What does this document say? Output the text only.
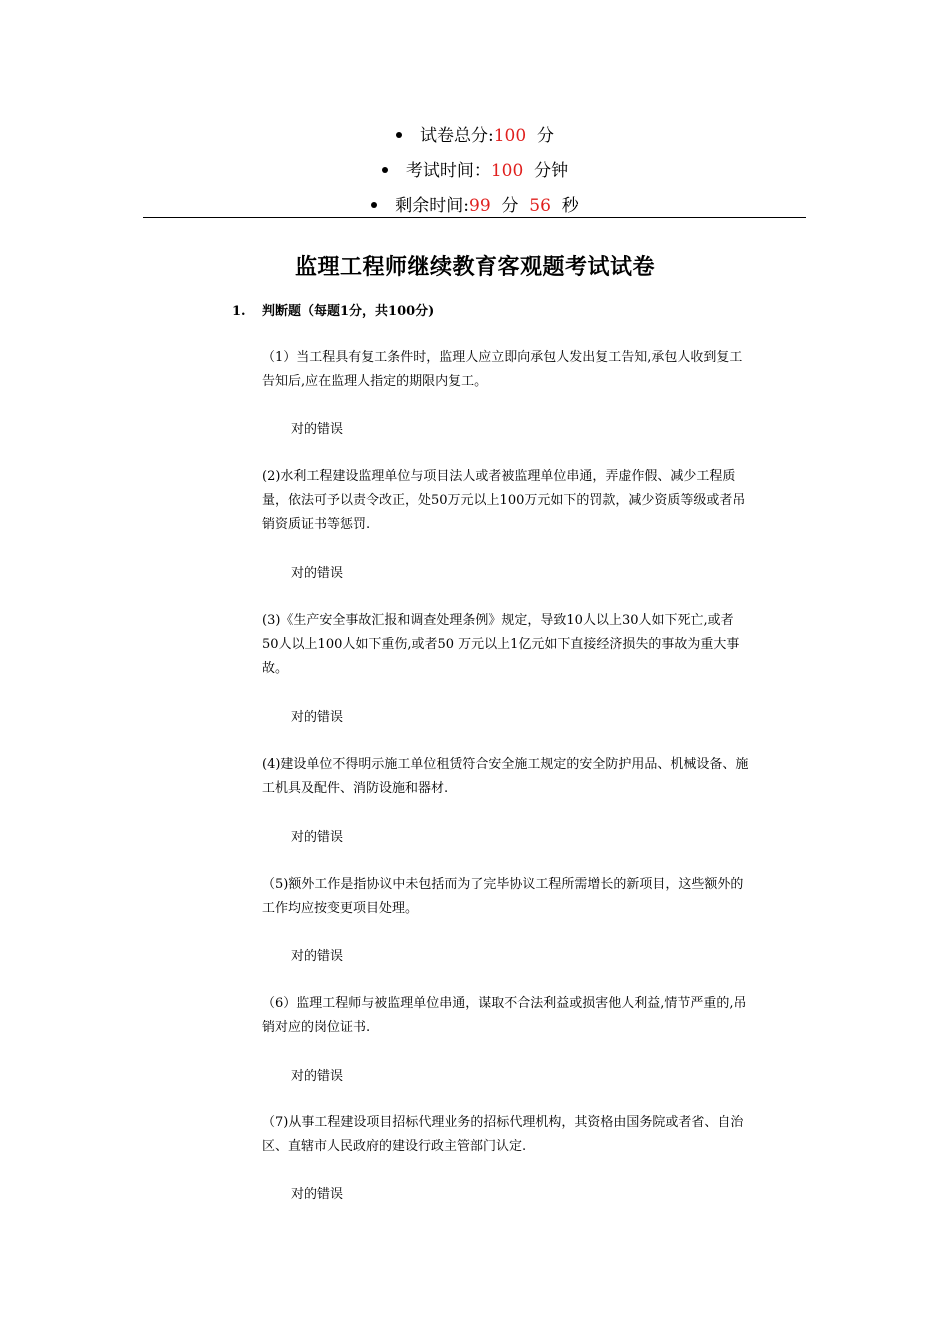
试卷总分:100 分
考试时间：100 分钟
剩余时间:99 分 56 秒
监理工程师继续教育客观题考试试卷
1. 判断题（每题1分，共100分)
（1）当工程具有复工条件时，监理人应立即向承包人发出复工告知,承包人收到复工
告知后,应在监理人指定的期限内复工。
对的错误
(2)水利工程建设监理单位与项目法人或者被监理单位串通，弄虚作假、减少工程质
量，依法可予以责令改正，处50万元以上100万元如下的罚款，减少资质等级或者吊
销资质证书等惩罚.
对的错误
(3)《生产安全事故汇报和调查处理条例》规定，导致10人以上30人如下死亡,或者
50人以上100人如下重伤,或者50 万元以上1亿元如下直接经济损失的事故为重大事
故。
对的错误
(4)建设单位不得明示施工单位租赁符合安全施工规定的安全防护用品、机械设备、施
工机具及配件、消防设施和器材.
对的错误
（5)额外工作是指协议中未包括而为了完毕协议工程所需增长的新项目，这些额外的
工作均应按变更项目处理。
对的错误
（6）监理工程师与被监理单位串通，谋取不合法利益或损害他人利益,情节严重的,吊
销对应的岗位证书.
对的错误
（7)从事工程建设项目招标代理业务的招标代理机构，其资格由国务院或者省、自治
区、直辖市人民政府的建设行政主管部门认定.
对的错误
